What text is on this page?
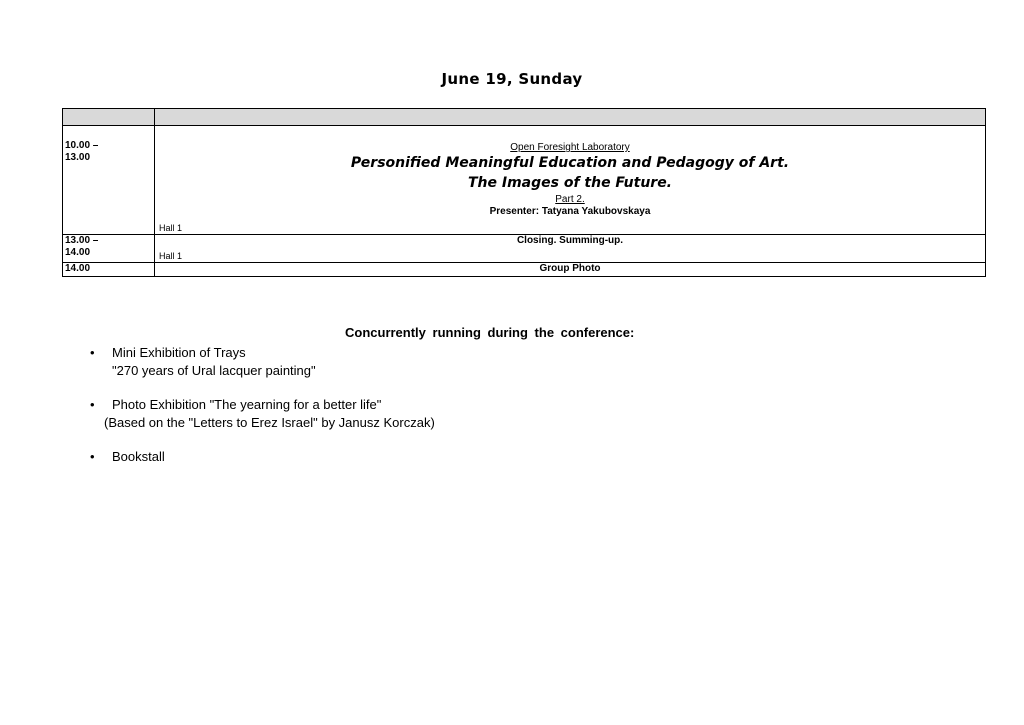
June 19, Sunday
10.00 –
13.00
Open Foresight Laboratory
Personified Meaningful Education and Pedagogy of Art.
The Images of the Future.
Part 2.
Presenter: Tatyana Yakubovskaya
Hall 1
13.00 –
14.00
Closing. Summing-up.
Hall 1
14.00	Group Photo
Concurrently running during the conference:
• Mini Exhibition of Trays
"270 years of Ural lacquer painting"
• Photo Exhibition "The yearning for a better life"
(Based on the "Letters to Erez Israel" by Janusz Korczak)
• Bookstall
